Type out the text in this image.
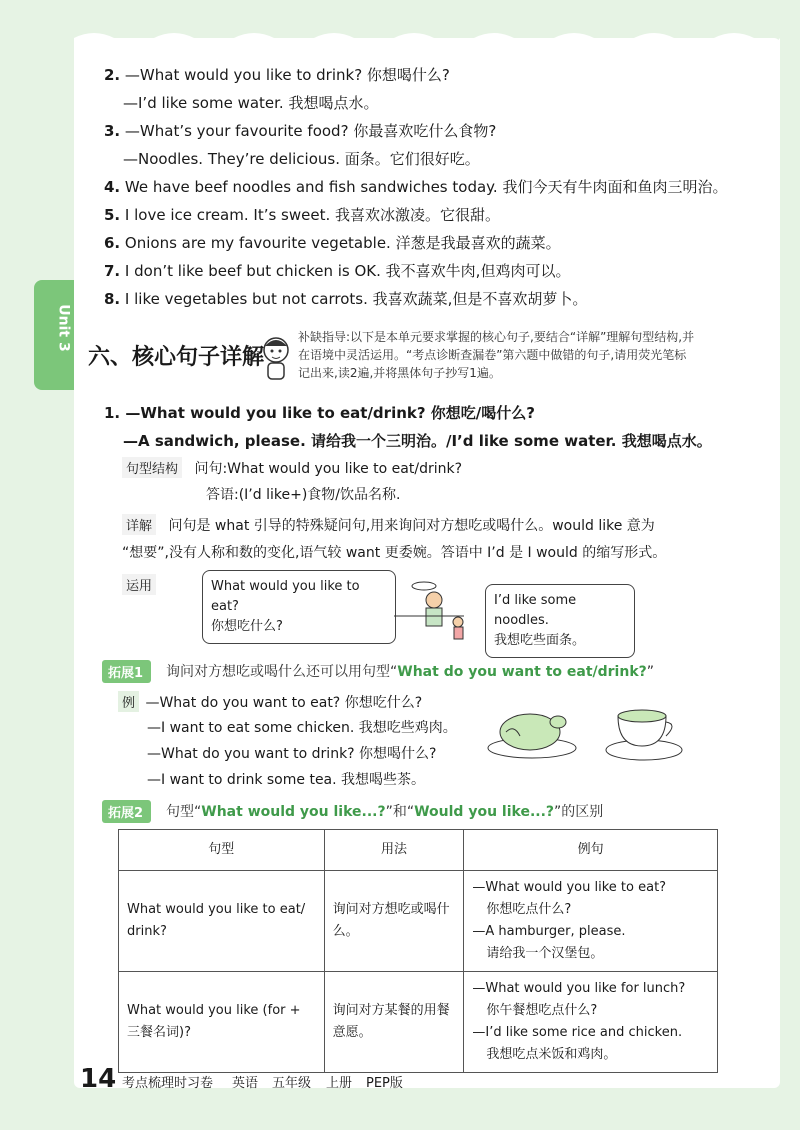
Unit 3
2. —What would you like to drink? 你想喝什么?
—I’d like some water. 我想喝点水。
3. —What’s your favourite food? 你最喜欢吃什么食物?
—Noodles. They’re delicious. 面条。它们很好吃。
4. We have beef noodles and fish sandwiches today. 我们今天有牛肉面和鱼肉三明治。
5. I love ice cream. It’s sweet. 我喜欢冰激凌。它很甜。
6. Onions are my favourite vegetable. 洋葱是我最喜欢的蔬菜。
7. I don’t like beef but chicken is OK. 我不喜欢牛肉,但鸡肉可以。
8. I like vegetables but not carrots. 我喜欢蔬菜,但是不喜欢胡萝卜。
六、核心句子详解
补缺指导:以下是本单元要求掌握的核心句子,要结合“详解”理解句型结构,并在语境中灵活运用。“考点诊断查漏卷”第六题中做错的句子,请用荧光笔标记出来,读2遍,并将黑体句子抄写1遍。
1. —What would you like to eat/drink? 你想吃/喝什么?
—A sandwich, please. 请给我一个三明治。/I’d like some water. 我想喝点水。
句型结构 问句:What would you like to eat/drink?
答语:(I’d like+)食物/饮品名称.
详解 问句是 what 引导的特殊疑问句,用来询问对方想吃或喝什么。would like 意为
“想要”,没有人称和数的变化,语气较 want 更委婉。答语中 I’d 是 I would 的缩写形式。
运用	What would you like to eat?
你想吃什么?
I’d like some noodles.
我想吃些面条。
拓展1	询问对方想吃或喝什么还可以用句型“What do you want to eat/drink?”
例 —What do you want to eat? 你想吃什么?
—I want to eat some chicken. 我想吃些鸡肉。
—What do you want to drink? 你想喝什么?
—I want to drink some tea. 我想喝些茶。
拓展2	句型“What would you like...?”和“Would you like...?”的区别
句型	用法	例句
What would you like to eat/ drink?	询问对方想吃或喝什么。	—What would you like to eat?
你想吃点什么?
—A hamburger, please.
请给我一个汉堡包。

What would you like (for + 三餐名词)?	询问对方某餐的用餐意愿。	—What would you like for lunch?
你午餐想吃点什么?
—I’d like some rice and chicken.
我想吃点米饭和鸡肉。
14 考点梳理时习卷 英语 五年级 上册 PEP版
